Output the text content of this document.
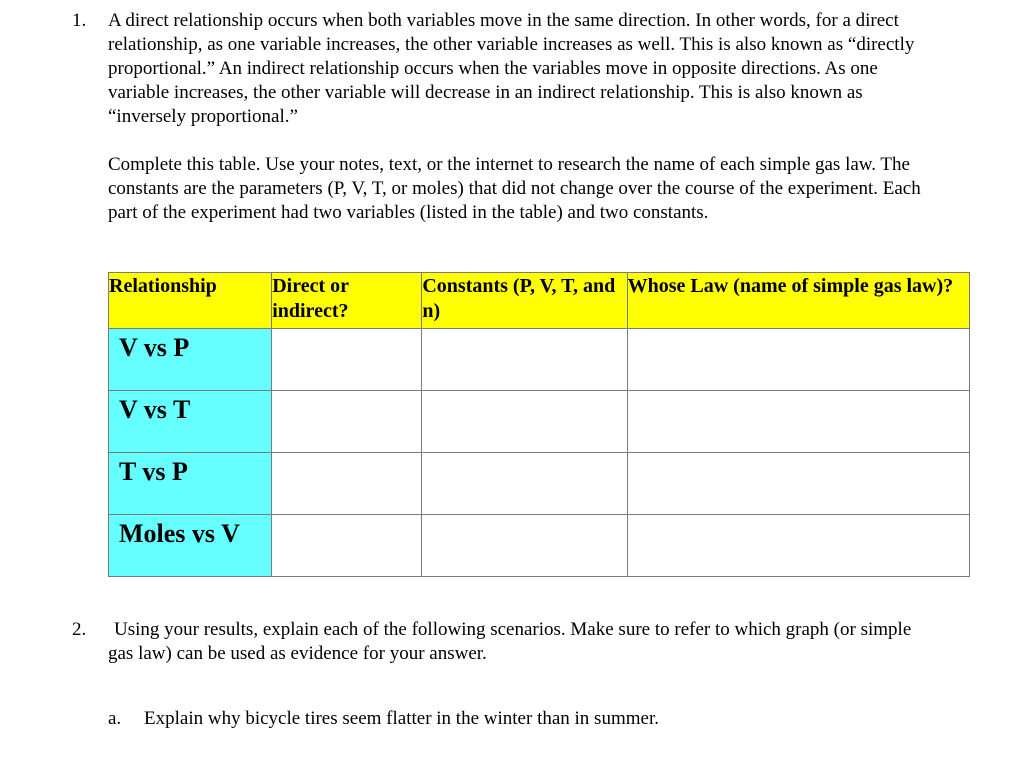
1. A direct relationship occurs when both variables move in the same direction. In other words, for a direct relationship, as one variable increases, the other variable increases as well. This is also known as “directly proportional.” An indirect relationship occurs when the variables move in opposite directions. As one variable increases, the other variable will decrease in an indirect relationship. This is also known as “inversely proportional.”

Complete this table. Use your notes, text, or the internet to research the name of each simple gas law. The constants are the parameters (P, V, T, or moles) that did not change over the course of the experiment. Each part of the experiment had two variables (listed in the table) and two constants.

Relationship	Direct or indirect?	Constants (P, V, T, and n)	Whose Law (name of simple gas law)?
V vs P			
V vs T			
T vs P			
Moles vs V			
2.	Using your results, explain each of the following scenarios. Make sure to refer to which graph (or simple gas law) can be used as evidence for your answer.

a. Explain why bicycle tires seem flatter in the winter than in summer.
